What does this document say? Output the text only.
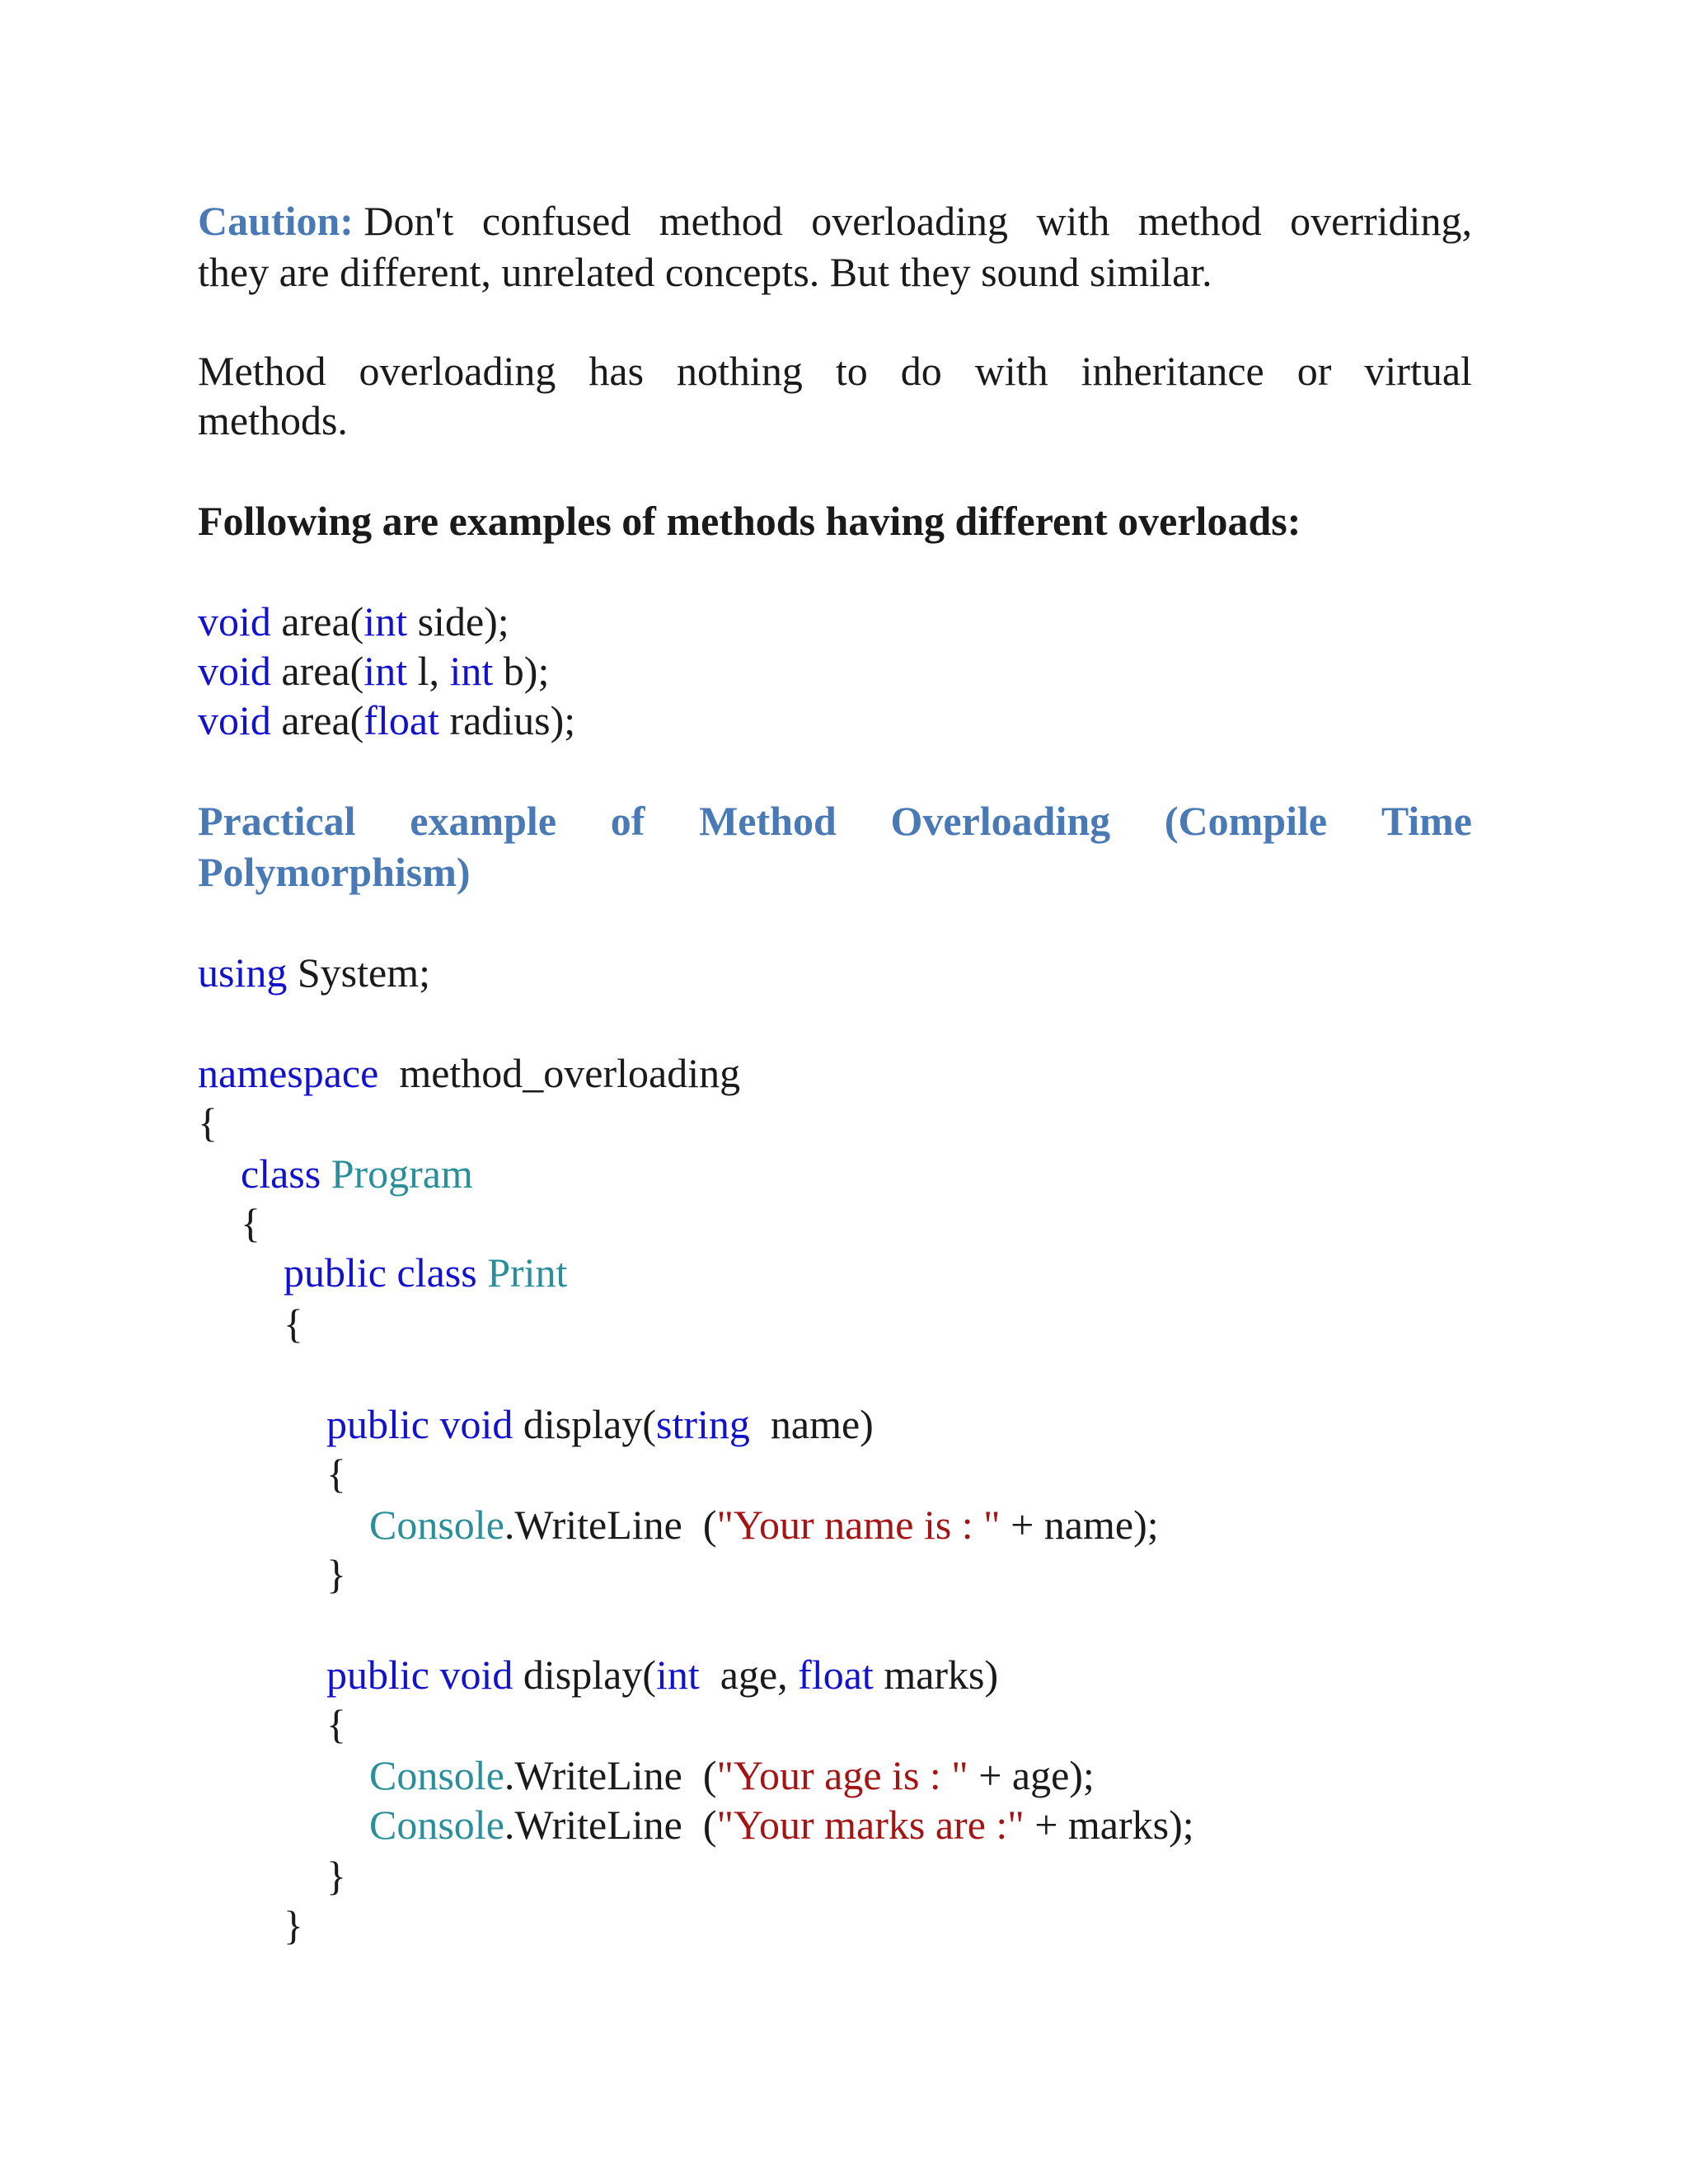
Caution: Don't confused method overloading with method overriding,
they are different, unrelated concepts. But they sound similar.
Method overloading has nothing to do with inheritance or virtual
methods.
Following are examples of methods having different overloads:
void area(int side);
void area(int l, int b);
void area(float radius);
Practical example of Method Overloading (Compile Time
Polymorphism)
using System;
namespace  method_overloading
{
class Program
{
public class Print
{
public void display(string  name)
{
Console.WriteLine  ("Your name is : " + name);
}
public void display(int  age, float marks)
{
Console.WriteLine  ("Your age is : " + age);
Console.WriteLine  ("Your marks are :" + marks);
}
}
